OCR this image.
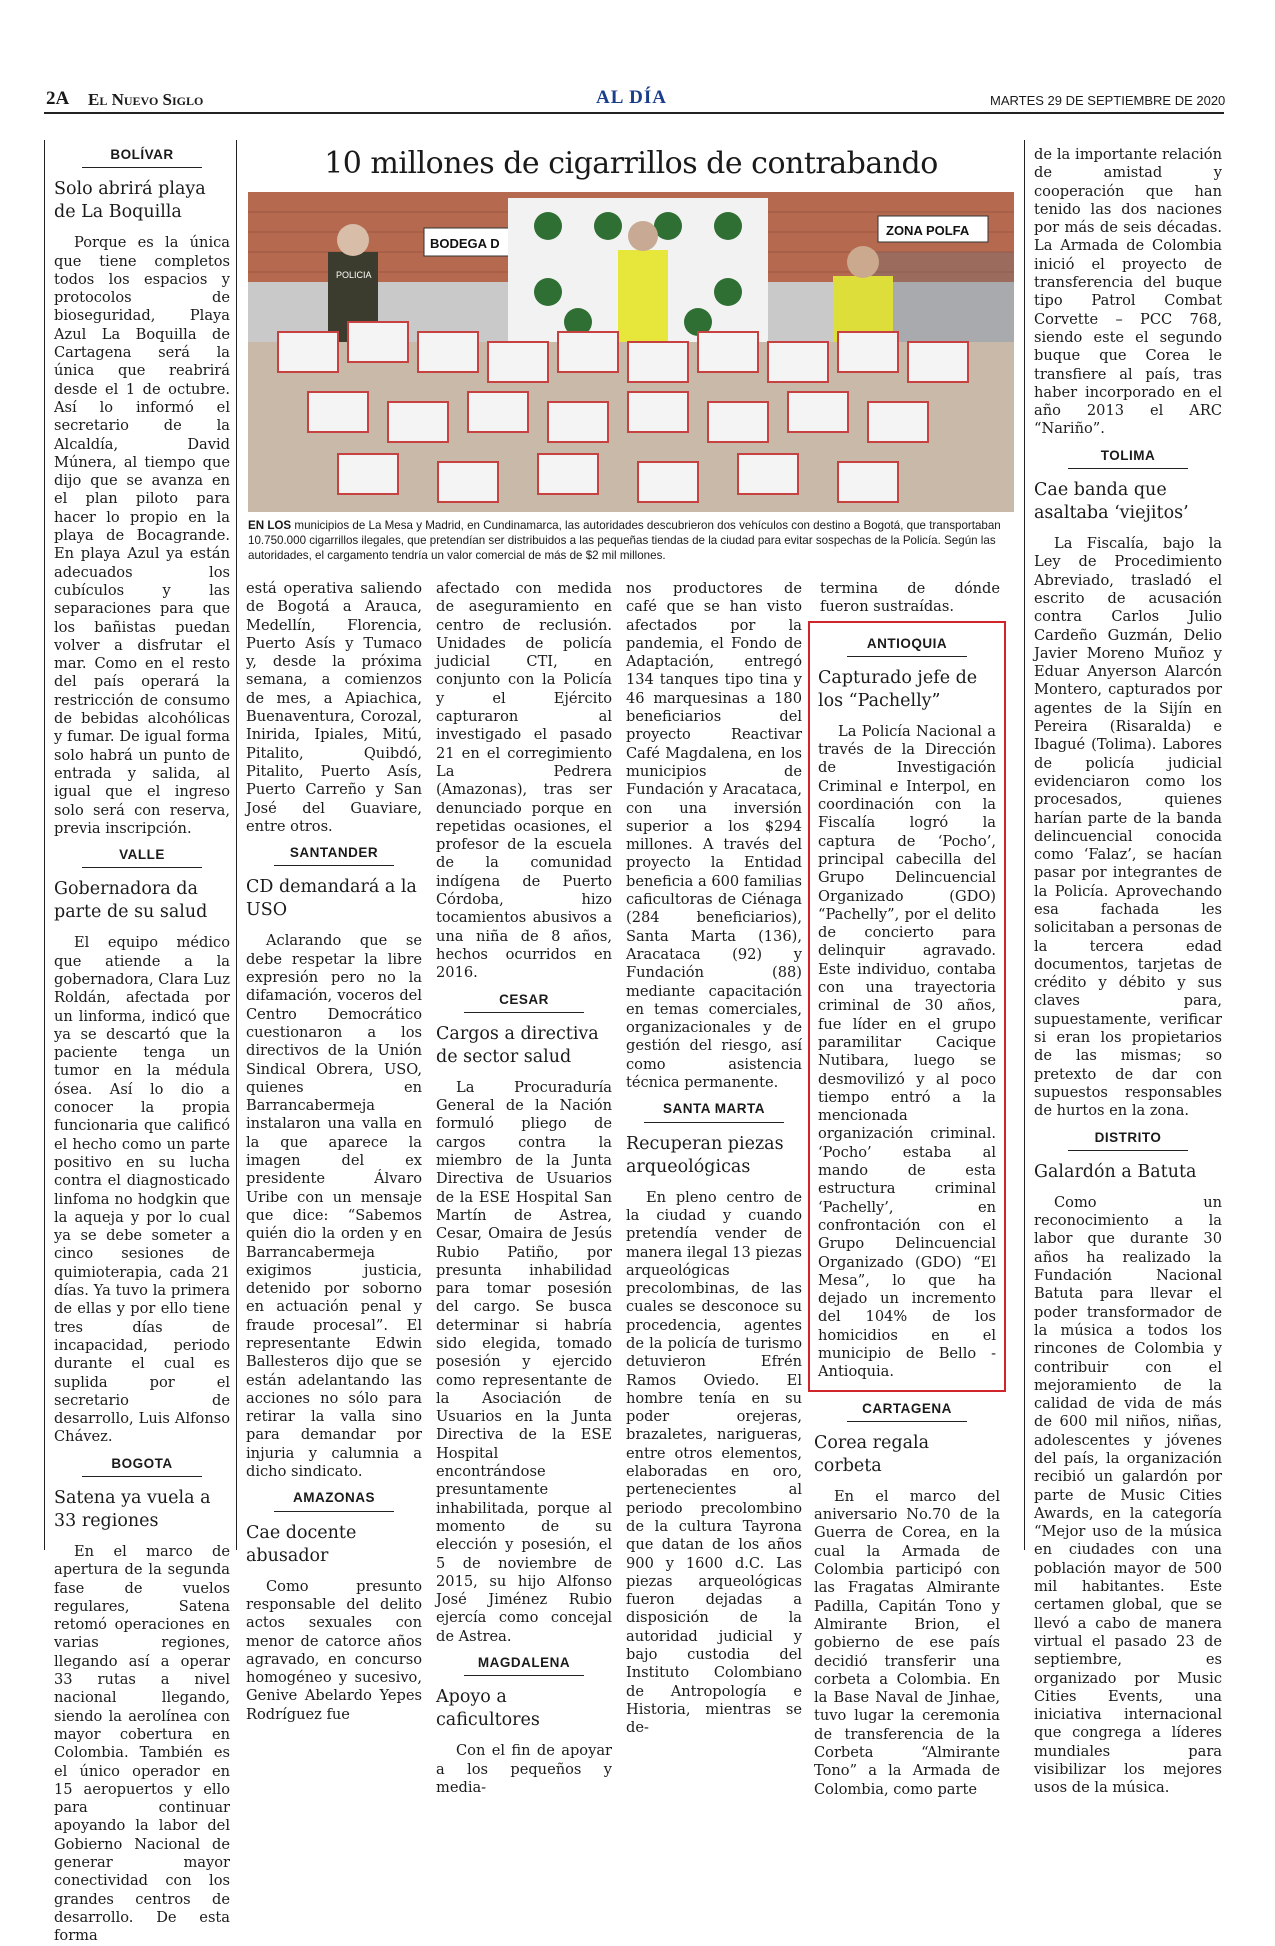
2A El Nuevo Siglo	AL DÍA	MARTES 29 DE SEPTIEMBRE DE 2020
10 millones de cigarrillos de contrabando
BODEGA D
ZONA POLFA
POLICIA
EN LOS municipios de La Mesa y Madrid, en Cundinamarca, las autoridades descubrieron dos vehículos con destino a Bogotá, que transportaban 10.750.000 cigarrillos ilegales, que pretendían ser distribuidos a las pequeñas tiendas de la ciudad para evitar sospechas de la Policía. Según las autoridades, el cargamento tendría un valor comercial de más de $2 mil millones.
BOLÍVAR
Solo abrirá playa de La Boquilla

Porque es la única que tiene completos todos los espacios y protocolos de bioseguridad, Playa Azul La Boquilla de Cartagena será la única que reabrirá desde el 1 de octubre. Así lo informó el secretario de la Alcaldía, David Múnera, al tiempo que dijo que se avanza en el plan piloto para hacer lo propio en la playa de Bocagrande. En playa Azul ya están adecuados los cubículos y las separaciones para que los bañistas puedan volver a disfrutar el mar. Como en el resto del país operará la restricción de consumo de bebidas alcohólicas y fumar. De igual forma solo habrá un punto de entrada y salida, al igual que el ingreso solo será con reserva, previa inscripción.

VALLE
Gobernadora da parte de su salud

El equipo médico que atiende a la gobernadora, Clara Luz Roldán, afectada por un linforma, indicó que ya se descartó que la paciente tenga un tumor en la médula ósea. Así lo dio a conocer la propia funcionaria que calificó el hecho como un parte positivo en su lucha contra el diagnosticado linfoma no hodgkin que la aqueja y por lo cual ya se debe someter a cinco sesiones de quimioterapia, cada 21 días. Ya tuvo la primera de ellas y por ello tiene tres días de incapacidad, periodo durante el cual es suplida por el secretario de desarrollo, Luis Alfonso Chávez.

BOGOTA
Satena ya vuela a 33 regiones

En el marco de apertura de la segunda fase de vuelos regulares, Satena retomó operaciones en varias regiones, llegando así a operar 33 rutas a nivel nacional llegando, siendo la aerolínea con mayor cobertura en Colombia. También es el único operador en 15 aeropuertos y ello para continuar apoyando la labor del Gobierno Nacional de generar mayor conectividad con los grandes centros de desarrollo. De esta forma

está operativa saliendo de Bogotá a Arauca, Medellín, Florencia, Puerto Asís y Tumaco y, desde la próxima semana, a comienzos de mes, a Apiachica, Buenaventura, Corozal, Inirida, Ipiales, Mitú, Pitalito, Quibdó, Pitalito, Puerto Asís, Puerto Carreño y San José del Guaviare, entre otros.

SANTANDER
CD demandará a la USO

Aclarando que se debe respetar la libre expresión pero no la difamación, voceros del Centro Democrático cuestionaron a los directivos de la Unión Sindical Obrera, USO, quienes en Barrancabermeja instalaron una valla en la que aparece la imagen del ex presidente Álvaro Uribe con un mensaje que dice: “Sabemos quién dio la orden y en Barrancabermeja exigimos justicia, detenido por soborno en actuación penal y fraude procesal”. El representante Edwin Ballesteros dijo que se están adelantando las acciones no sólo para retirar la valla sino para demandar por injuria y calumnia a dicho sindicato.

AMAZONAS
Cae docente abusador

Como presunto responsable del delito actos sexuales con menor de catorce años agravado, en concurso homogéneo y sucesivo, Genive Abelardo Yepes Rodríguez fue

afectado con medida de aseguramiento en centro de reclusión. Unidades de policía judicial CTI, en conjunto con la Policía y el Ejército capturaron al investigado el pasado 21 en el corregimiento La Pedrera (Amazonas), tras ser denunciado porque en repetidas ocasiones, el profesor de la escuela de la comunidad indígena de Puerto Córdoba, hizo tocamientos abusivos a una niña de 8 años, hechos ocurridos en 2016.

CESAR
Cargos a directiva de sector salud

La Procuraduría General de la Nación formuló pliego de cargos contra la miembro de la Junta Directiva de Usuarios de la ESE Hospital San Martín de Astrea, Cesar, Omaira de Jesús Rubio Patiño, por presunta inhabilidad para tomar posesión del cargo. Se busca determinar si habría sido elegida, tomado posesión y ejercido como representante de la Asociación de Usuarios en la Junta Directiva de la ESE Hospital encontrándose presuntamente inhabilitada, porque al momento de su elección y posesión, el 5 de noviembre de 2015, su hijo Alfonso José Jiménez Rubio ejercía como concejal de Astrea.

MAGDALENA
Apoyo a caficultores

Con el fin de apoyar a los pequeños y media-

nos productores de café que se han visto afectados por la pandemia, el Fondo de Adaptación, entregó 134 tanques tipo tina y 46 marquesinas a 180 beneficiarios del proyecto Reactivar Café Magdalena, en los municipios de Fundación y Aracataca, con una inversión superior a los $294 millones. A través del proyecto la Entidad beneficia a 600 familias caficultoras de Ciénaga (284 beneficiarios), Santa Marta (136), Aracataca (92) y Fundación (88) mediante capacitación en temas comerciales, organizacionales y de gestión del riesgo, así como asistencia técnica permanente.

SANTA MARTA
Recuperan piezas arqueológicas

En pleno centro de la ciudad y cuando pretendía vender de manera ilegal 13 piezas arqueológicas precolombinas, de las cuales se desconoce su procedencia, agentes de la policía de turismo detuvieron Efrén Ramos Oviedo. El hombre tenía en su poder orejeras, brazaletes, narigueras, entre otros elementos, elaboradas en oro, pertenecientes al periodo precolombino de la cultura Tayrona que datan de los años 900 y 1600 d.C. Las piezas arqueológicas fueron dejadas a disposición de la autoridad judicial y bajo custodia del Instituto Colombiano de Antropología e Historia, mientras se de-

termina de dónde fueron sustraídas.

ANTIOQUIA
Capturado jefe de los “Pachelly”

La Policía Nacional a través de la Dirección de Investigación Criminal e Interpol, en coordinación con la Fiscalía logró la captura de ‘Pocho’, principal cabecilla del Grupo Delincuencial Organizado (GDO) “Pachelly”, por el delito de concierto para delinquir agravado. Este individuo, contaba con una trayectoria criminal de 30 años, fue líder en el grupo paramilitar Cacique Nutibara, luego se desmovilizó y al poco tiempo entró a la mencionada organización criminal. ‘Pocho’ estaba al mando de esta estructura criminal ‘Pachelly’, en confrontación con el Grupo Delincuencial Organizado (GDO) “El Mesa”, lo que ha dejado un incremento del 104% de los homicidios en el municipio de Bello - Antioquia.

CARTAGENA
Corea regala corbeta

En el marco del aniversario No.70 de la Guerra de Corea, en la cual la Armada de Colombia participó con las Fragatas Almirante Padilla, Capitán Tono y Almirante Brion, el gobierno de ese país decidió transferir una corbeta a Colombia. En la Base Naval de Jinhae, tuvo lugar la ceremonia de transferencia de la Corbeta “Almirante Tono” a la Armada de Colombia, como parte

de la importante relación de amistad y cooperación que han tenido las dos naciones por más de seis décadas. La Armada de Colombia inició el proyecto de transferencia del buque tipo Patrol Combat Corvette – PCC 768, siendo este el segundo buque que Corea le transfiere al país, tras haber incorporado en el año 2013 el ARC “Nariño”.

TOLIMA
Cae banda que asaltaba ‘viejitos’

La Fiscalía, bajo la Ley de Procedimiento Abreviado, trasladó el escrito de acusación contra Carlos Julio Cardeño Guzmán, Delio Javier Moreno Muñoz y Eduar Anyerson Alarcón Montero, capturados por agentes de la Sijín en Pereira (Risaralda) e Ibagué (Tolima). Labores de policía judicial evidenciaron como los procesados, quienes harían parte de la banda delincuencial conocida como ‘Falaz’, se hacían pasar por integrantes de la Policía. Aprovechando esa fachada les solicitaban a personas de la tercera edad documentos, tarjetas de crédito y débito y sus claves para, supuestamente, verificar si eran los propietarios de las mismas; so pretexto de dar con supuestos responsables de hurtos en la zona.

DISTRITO
Galardón a Batuta

Como un reconocimiento a la labor que durante 30 años ha realizado la Fundación Nacional Batuta para llevar el poder transformador de la música a todos los rincones de Colombia y contribuir con el mejoramiento de la calidad de vida de más de 600 mil niños, niñas, adolescentes y jóvenes del país, la organización recibió un galardón por parte de Music Cities Awards, en la categoría “Mejor uso de la música en ciudades con una población mayor de 500 mil habitantes. Este certamen global, que se llevó a cabo de manera virtual el pasado 23 de septiembre, es organizado por Music Cities Events, una iniciativa internacional que congrega a líderes mundiales para visibilizar los mejores usos de la música.
